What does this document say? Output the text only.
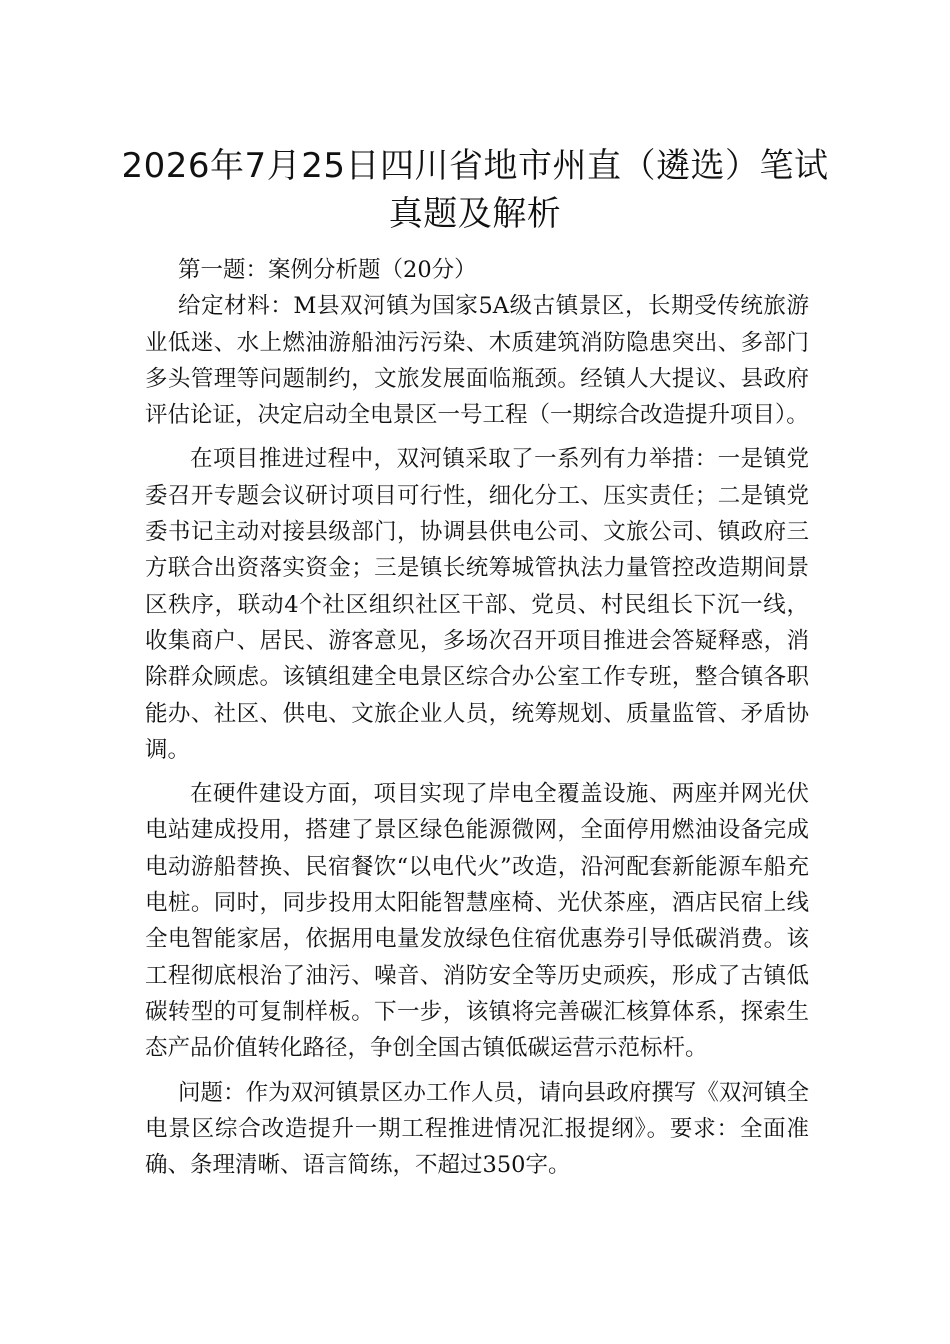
2026年7月25日四川省地市州直（遴选）笔试真题及解析

第一题：案例分析题（20分）

给定材料：M县双河镇为国家5A级古镇景区，长期受传统旅游业低迷、水上燃油游船油污污染、木质建筑消防隐患突出、多部门多头管理等问题制约，文旅发展面临瓶颈。经镇人大提议、县政府评估论证，决定启动全电景区一号工程（一期综合改造提升项目）。

在项目推进过程中，双河镇采取了一系列有力举措：一是镇党委召开专题会议研讨项目可行性，细化分工、压实责任；二是镇党委书记主动对接县级部门，协调县供电公司、文旅公司、镇政府三方联合出资落实资金；三是镇长统筹城管执法力量管控改造期间景区秩序，联动4个社区组织社区干部、党员、村民组长下沉一线，收集商户、居民、游客意见，多场次召开项目推进会答疑释惑，消除群众顾虑。该镇组建全电景区综合办公室工作专班，整合镇各职能办、社区、供电、文旅企业人员，统筹规划、质量监管、矛盾协调。

在硬件建设方面，项目实现了岸电全覆盖设施、两座并网光伏电站建成投用，搭建了景区绿色能源微网，全面停用燃油设备完成电动游船替换、民宿餐饮“以电代火”改造，沿河配套新能源车船充电桩。同时，同步投用太阳能智慧座椅、光伏茶座，酒店民宿上线全电智能家居，依据用电量发放绿色住宿优惠券引导低碳消费。该工程彻底根治了油污、噪音、消防安全等历史顽疾，形成了古镇低碳转型的可复制样板。下一步，该镇将完善碳汇核算体系，探索生态产品价值转化路径，争创全国古镇低碳运营示范标杆。

问题：作为双河镇景区办工作人员，请向县政府撰写《双河镇全电景区综合改造提升一期工程推进情况汇报提纲》。要求：全面准确、条理清晰、语言简练，不超过350字。
